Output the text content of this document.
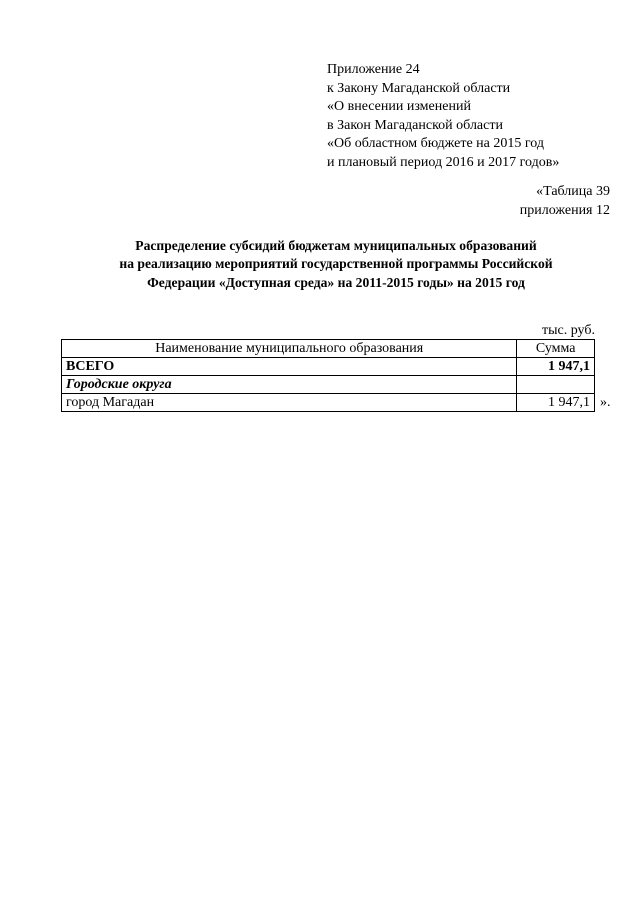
Приложение 24
к Закону Магаданской области
«О внесении изменений
в Закон Магаданской области
«Об областном бюджете на 2015 год
и плановый период 2016 и 2017 годов»
«Таблица 39
приложения 12
Распределение субсидий бюджетам муниципальных образований
на реализацию мероприятий государственной программы Российской
Федерации «Доступная среда» на 2011-2015 годы» на 2015 год
тыс. руб.
Наименование муниципального образования	Сумма
ВСЕГО	1 947,1
Городские округа	
город Магадан	1 947,1 ».
